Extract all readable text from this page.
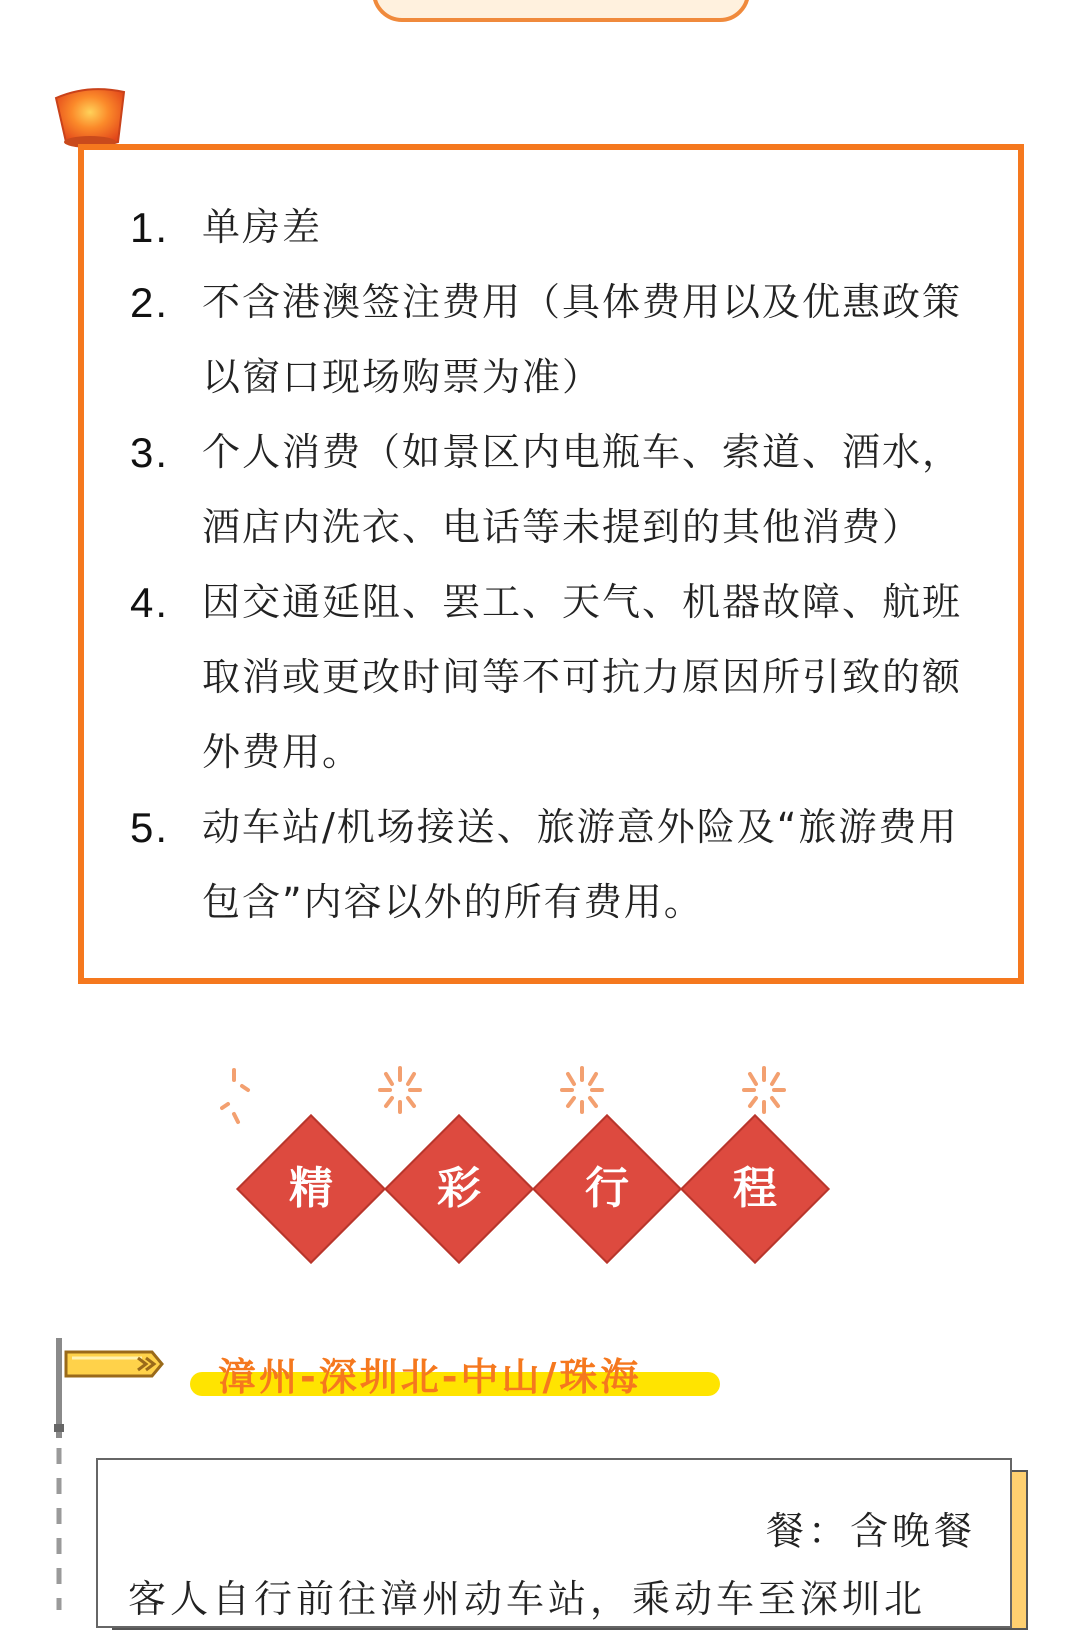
1. 单房差
2. 不含港澳签注费用（具体费用以及优惠政策以窗口现场购票为准）
3. 个人消费（如景区内电瓶车、索道、酒水，酒店内洗衣、电话等未提到的其他消费）
4. 因交通延阻、罢工、天气、机器故障、航班取消或更改时间等不可抗力原因所引致的额外费用。
5. 动车站/机场接送、旅游意外险及“旅游费用包含”内容以外的所有费用。
精	彩	行	程
漳州-深圳北-中山/珠海
餐：含晚餐
客人自行前往漳州动车站，乘动车至深圳北
